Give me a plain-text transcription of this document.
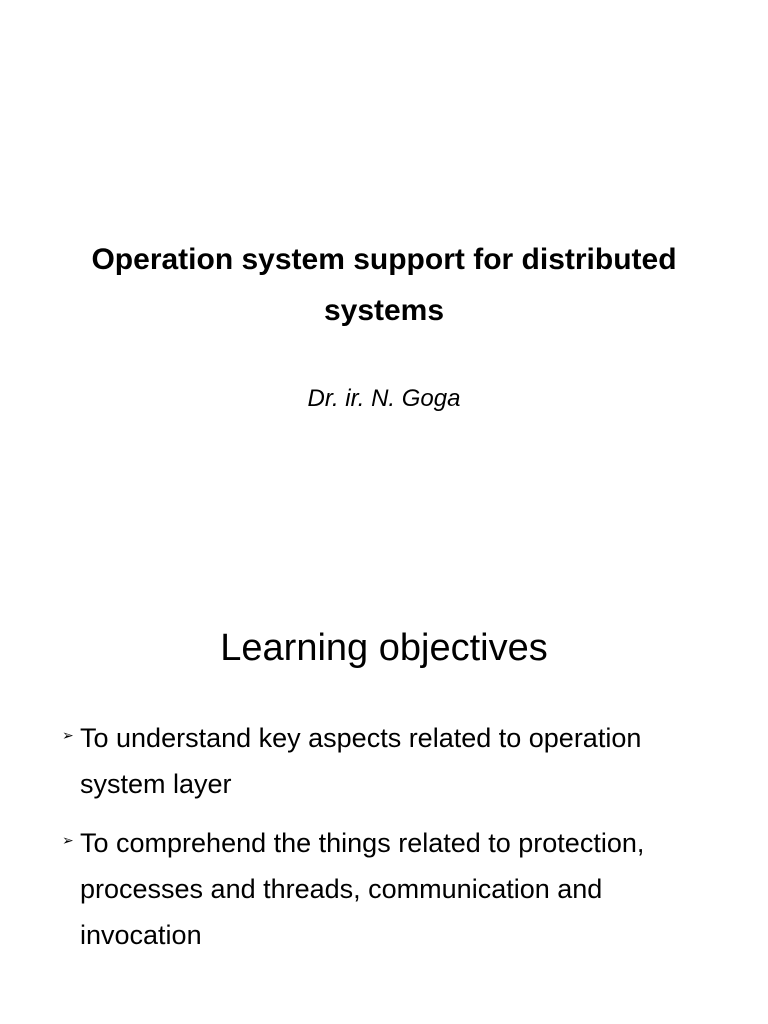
Operation system support for distributed systems

Dr. ir. N. Goga

Learning objectives
➢ To understand key aspects related to operation system layer
➢ To comprehend the things related to protection, processes and threads, communication and invocation
